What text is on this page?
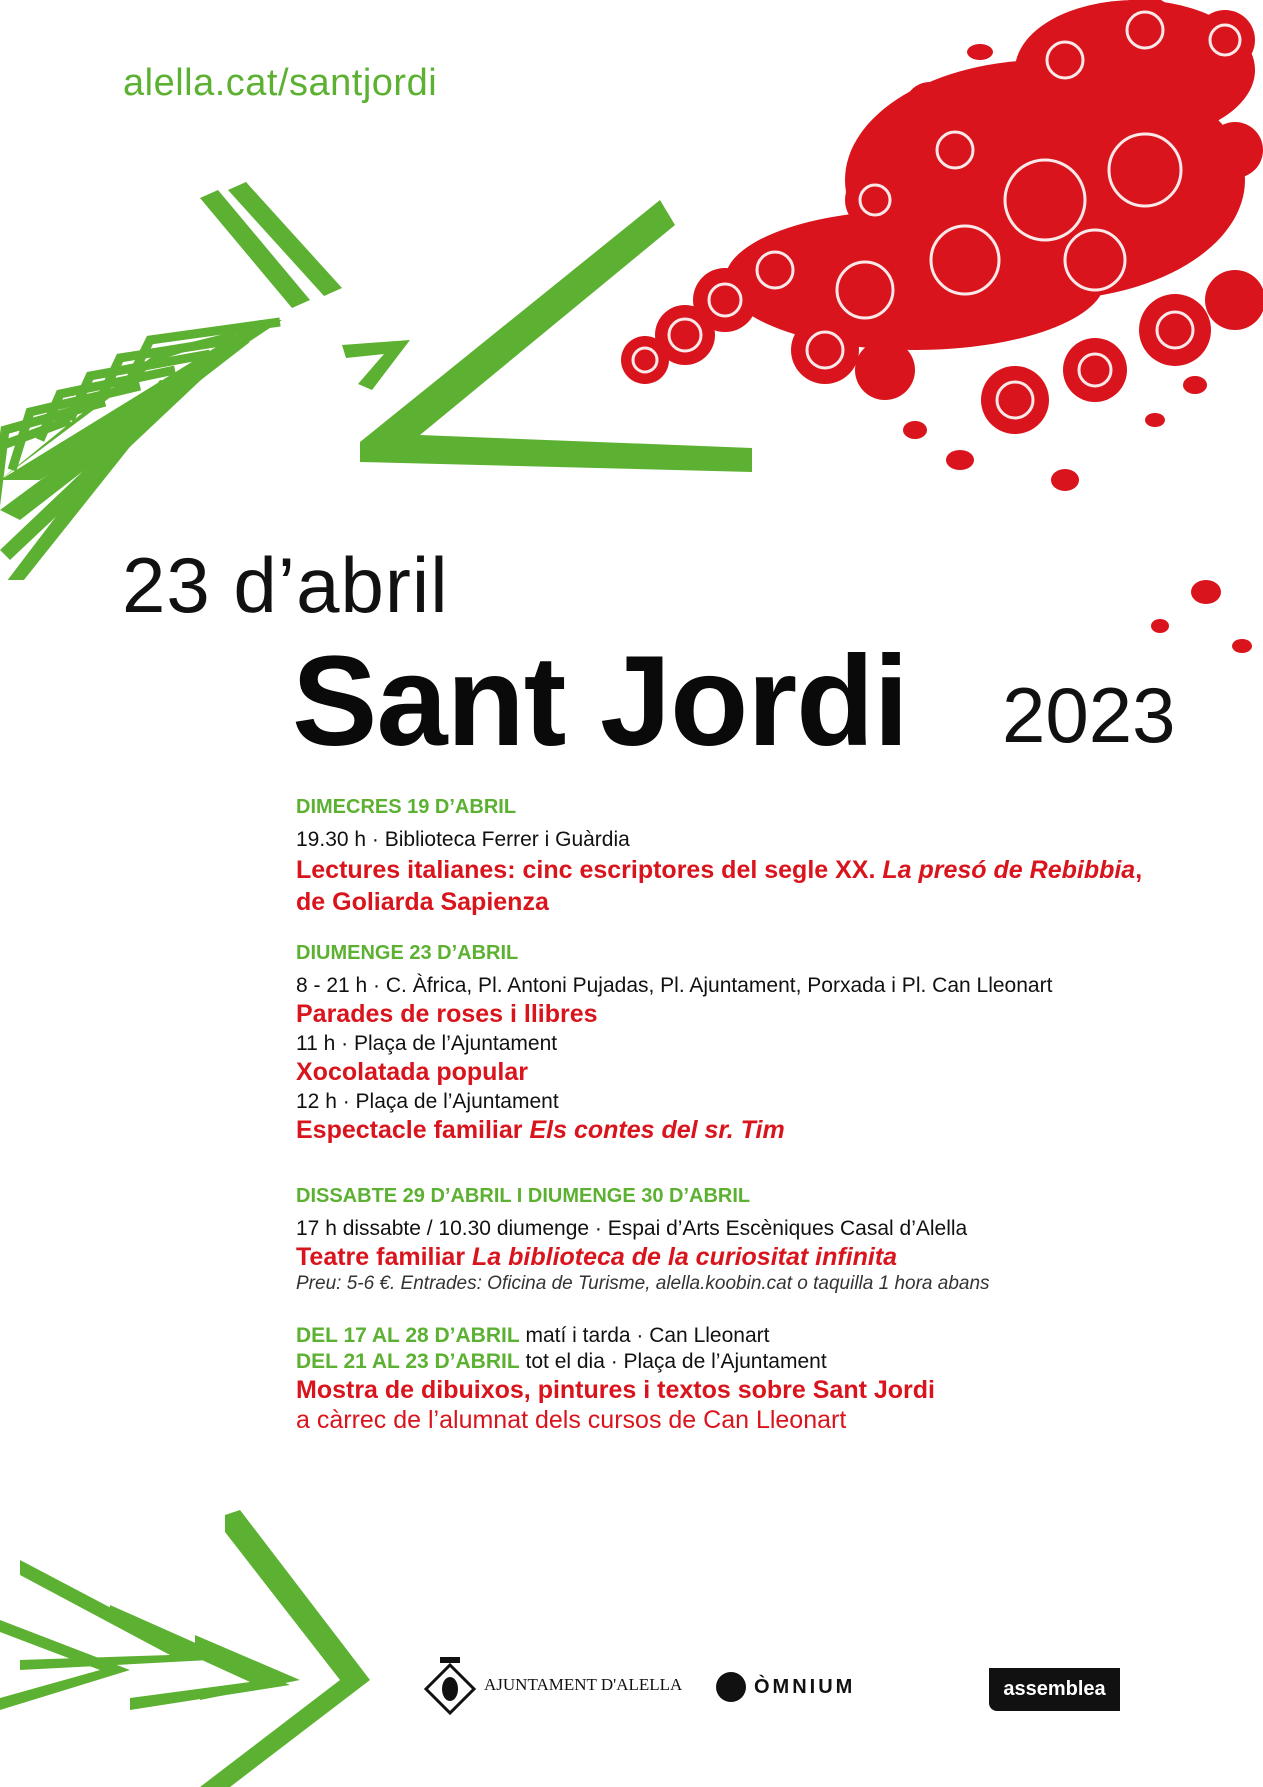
alella.cat/santjordi
23 d’abril
Sant Jordi 2023
DIMECRES 19 D’ABRIL
19.30 h · Biblioteca Ferrer i Guàrdia
Lectures italianes: cinc escriptores del segle XX. La presó de Rebibbia, de Goliarda Sapienza
DIUMENGE 23 D’ABRIL
8 - 21 h · C. Àfrica, Pl. Antoni Pujadas, Pl. Ajuntament, Porxada i Pl. Can Lleonart
Parades de roses i llibres
11 h · Plaça de l’Ajuntament
Xocolatada popular
12 h · Plaça de l’Ajuntament
Espectacle familiar Els contes del sr. Tim
DISSABTE 29 D’ABRIL I DIUMENGE 30 D’ABRIL
17 h dissabte / 10.30 diumenge · Espai d’Arts Escèniques Casal d’Alella
Teatre familiar La biblioteca de la curiositat infinita
Preu: 5-6 €. Entrades: Oficina de Turisme, alella.koobin.cat o taquilla 1 hora abans
DEL 17 AL 28 D’ABRIL matí i tarda · Can Lleonart
DEL 21 AL 23 D’ABRIL tot el dia · Plaça de l’Ajuntament
Mostra de dibuixos, pintures i textos sobre Sant Jordi
a càrrec de l’alumnat dels cursos de Can Lleonart
AJUNTAMENT D'ALELLA	ÒMNIUM	assemblea
